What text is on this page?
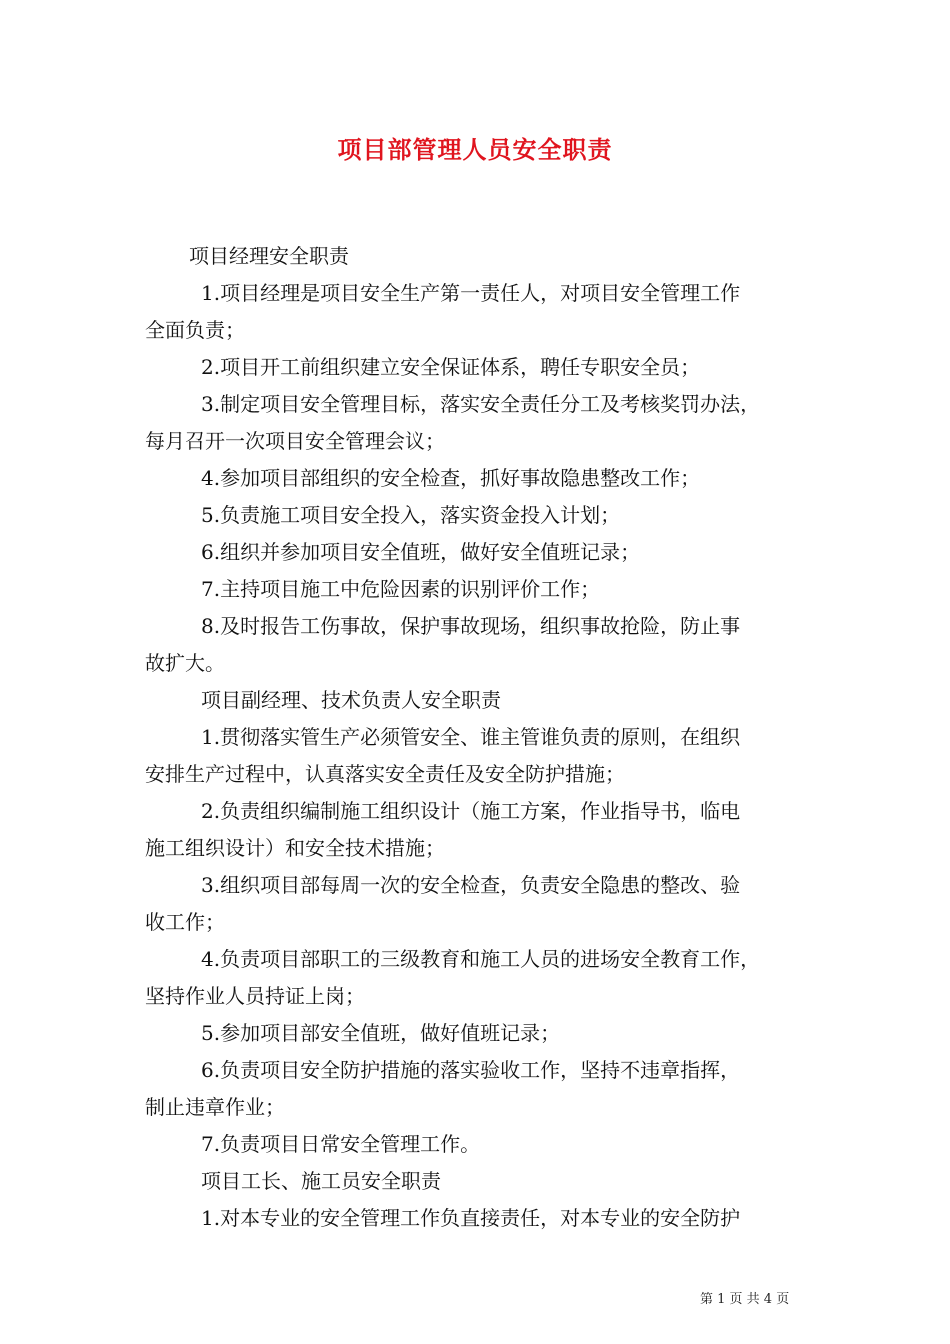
项目部管理人员安全职责
项目经理安全职责
1.项目经理是项目安全生产第一责任人，对项目安全管理工作
全面负责；
2.项目开工前组织建立安全保证体系，聘任专职安全员；
3.制定项目安全管理目标，落实安全责任分工及考核奖罚办法，
每月召开一次项目安全管理会议；
4.参加项目部组织的安全检查，抓好事故隐患整改工作；
5.负责施工项目安全投入，落实资金投入计划；
6.组织并参加项目安全值班，做好安全值班记录；
7.主持项目施工中危险因素的识别评价工作；
8.及时报告工伤事故，保护事故现场，组织事故抢险，防止事
故扩大。
项目副经理、技术负责人安全职责
1.贯彻落实管生产必须管安全、谁主管谁负责的原则，在组织
安排生产过程中，认真落实安全责任及安全防护措施；
2.负责组织编制施工组织设计（施工方案，作业指导书，临电
施工组织设计）和安全技术措施；
3.组织项目部每周一次的安全检查，负责安全隐患的整改、验
收工作；
4.负责项目部职工的三级教育和施工人员的进场安全教育工作，
坚持作业人员持证上岗；
5.参加项目部安全值班，做好值班记录；
6.负责项目安全防护措施的落实验收工作，坚持不违章指挥，
制止违章作业；
7.负责项目日常安全管理工作。
项目工长、施工员安全职责
1.对本专业的安全管理工作负直接责任，对本专业的安全防护
第 1 页 共 4 页
